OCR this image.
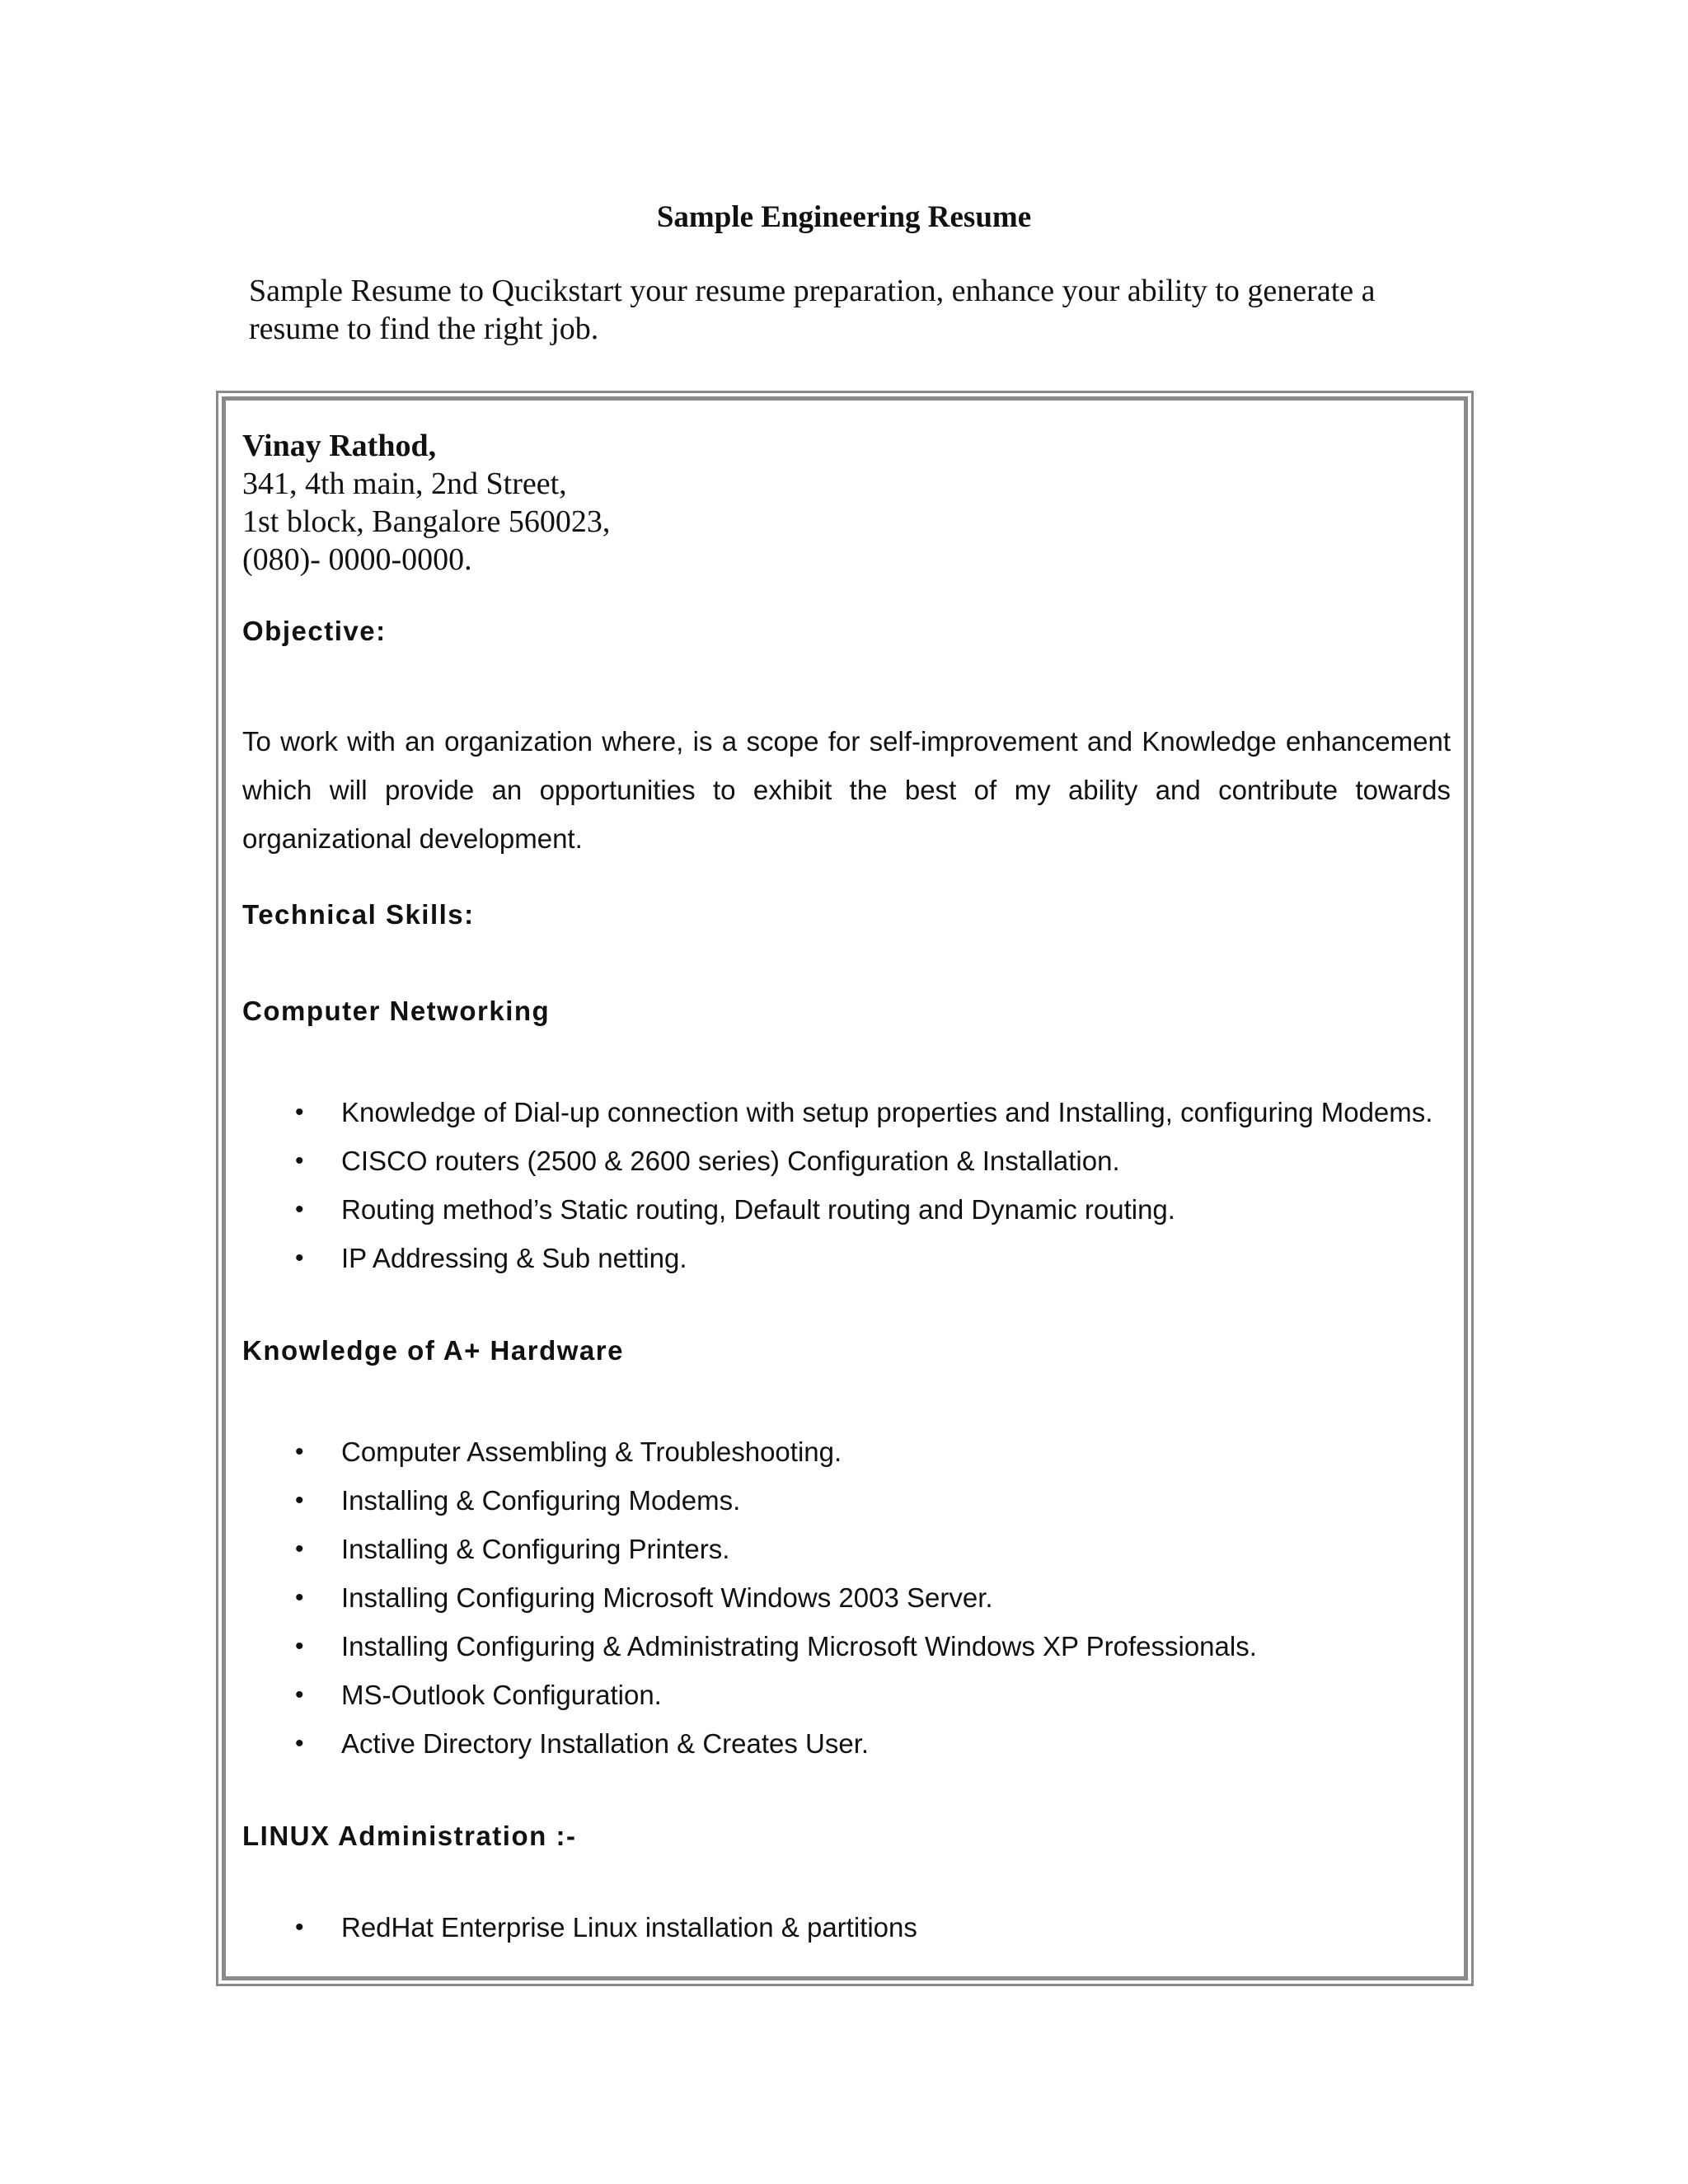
Sample Engineering Resume

Sample Resume to Qucikstart your resume preparation, enhance your ability to generate a resume to find the right job.

Vinay Rathod,
341, 4th main, 2nd Street,
1st block, Bangalore 560023,
(080)- 0000-0000.
Objective:

To work with an organization where, is a scope for self-improvement and Knowledge enhancement which will provide an opportunities to exhibit the best of my ability and contribute towards organizational development.

Technical Skills:
Computer Networking
• Knowledge of Dial-up connection with setup properties and Installing, configuring Modems.
• CISCO routers (2500 & 2600 series) Configuration & Installation.
• Routing method’s Static routing, Default routing and Dynamic routing.
• IP Addressing & Sub netting.
Knowledge of A+ Hardware
• Computer Assembling & Troubleshooting.
• Installing & Configuring Modems.
• Installing & Configuring Printers.
• Installing Configuring Microsoft Windows 2003 Server.
• Installing Configuring & Administrating Microsoft Windows XP Professionals.
• MS-Outlook Configuration.
• Active Directory Installation & Creates User.
LINUX Administration :-
• RedHat Enterprise Linux installation & partitions
